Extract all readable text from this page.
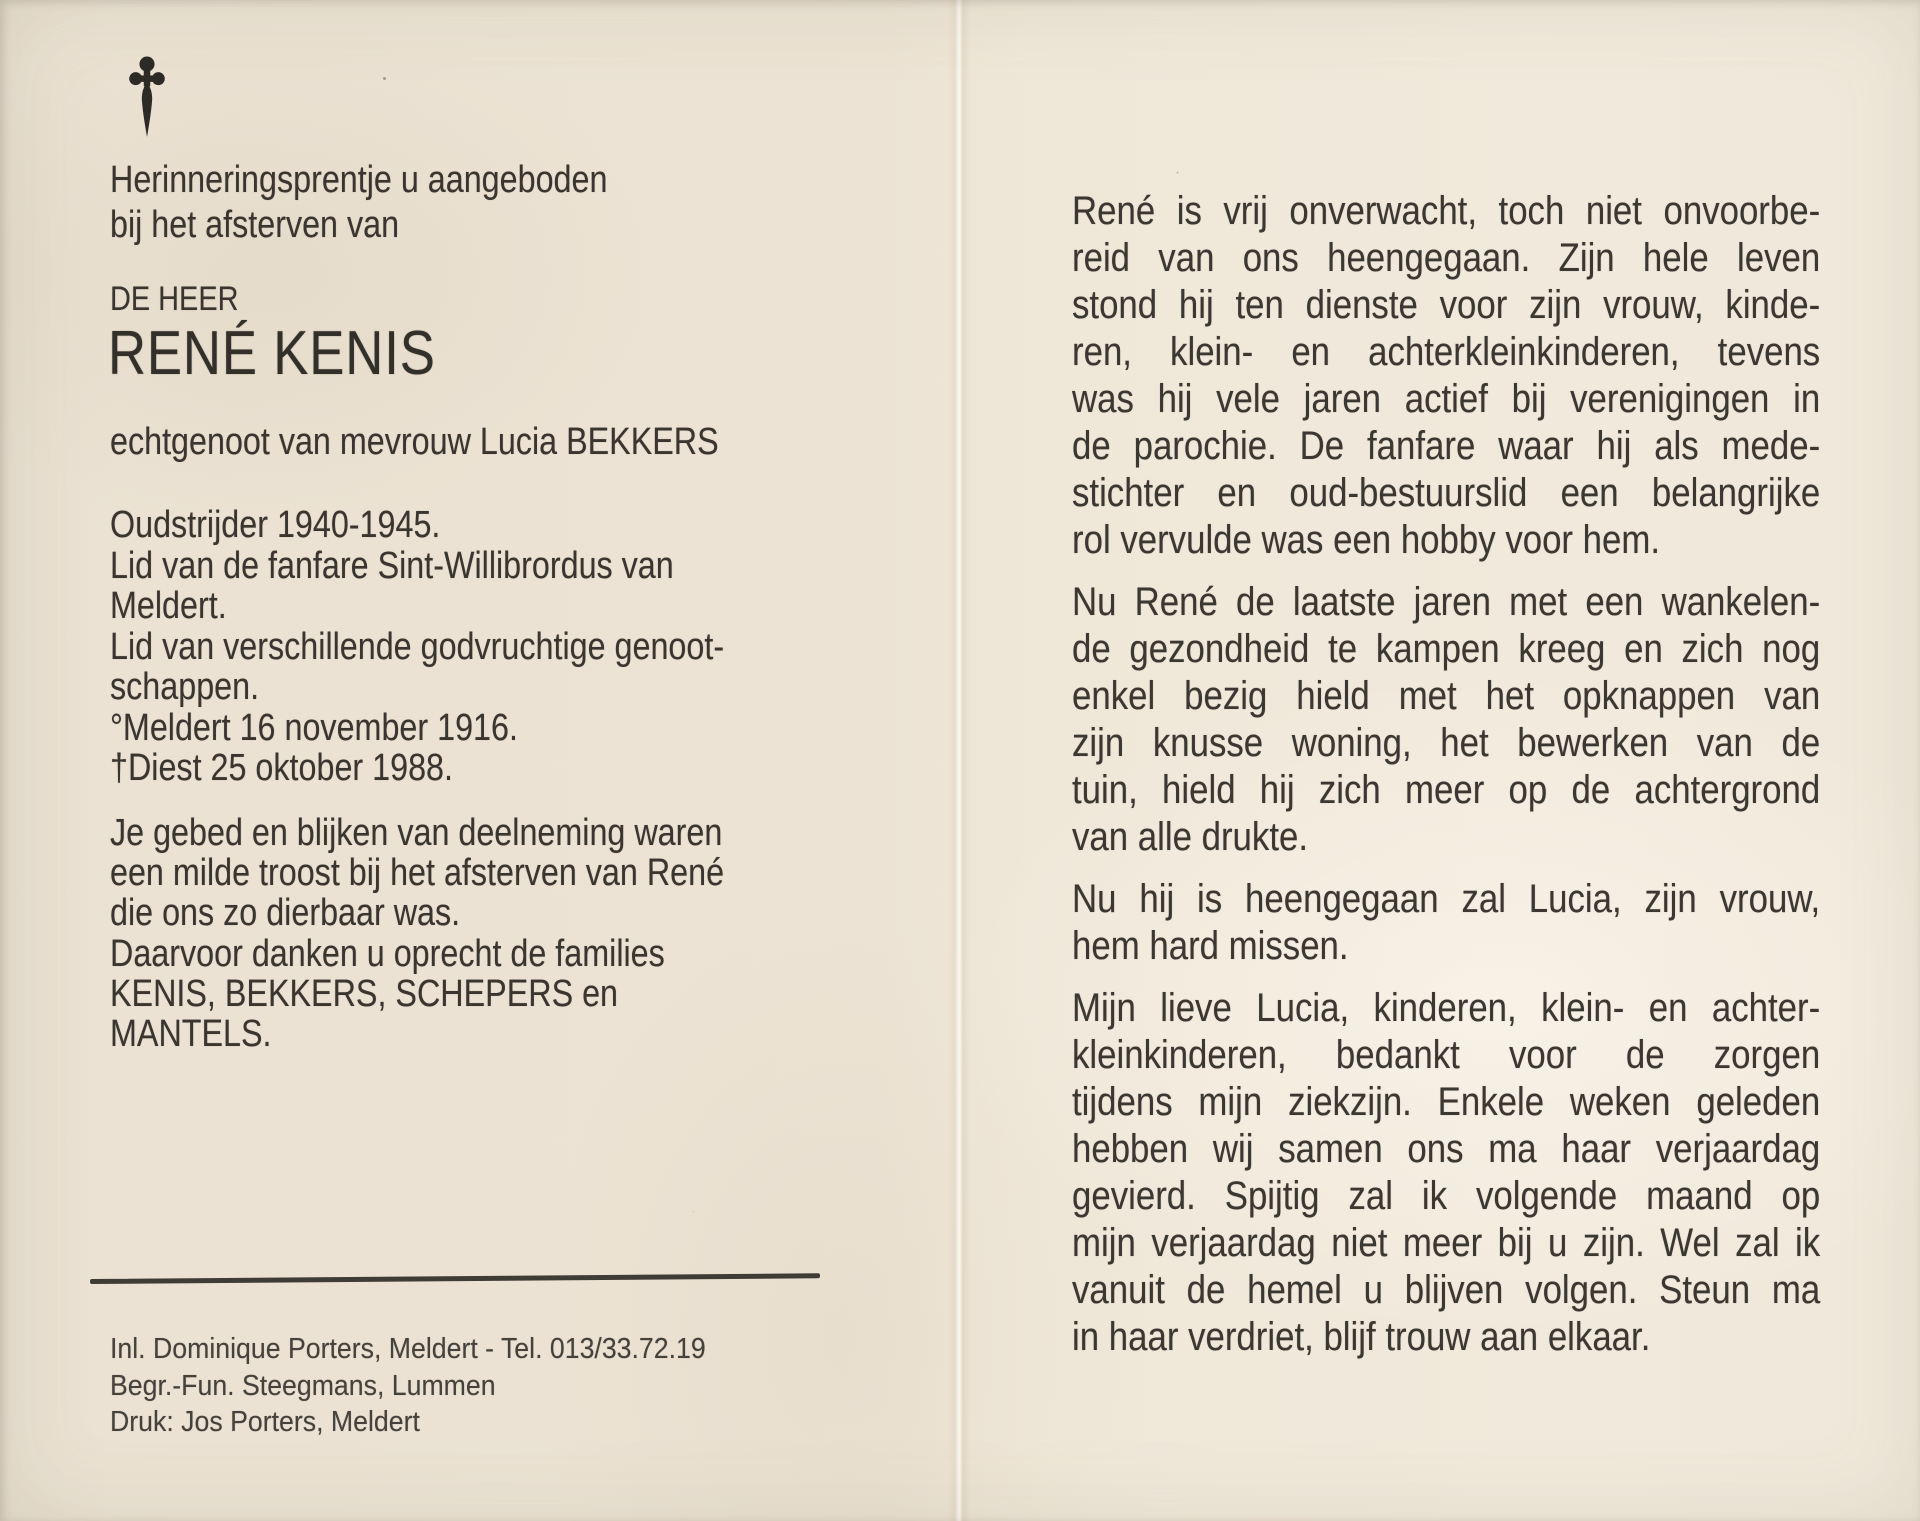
Herinneringsprentje u aangeboden
bij het afsterven van
DE HEER
RENÉ KENIS
echtgenoot van mevrouw Lucia BEKKERS
Oudstrijder 1940-1945.
Lid van de fanfare Sint-Willibrordus van
Meldert.
Lid van verschillende godvruchtige genoot-
schappen.
°Meldert 16 november 1916.
†Diest 25 oktober 1988.
Je gebed en blijken van deelneming waren
een milde troost bij het afsterven van René
die ons zo dierbaar was.
Daarvoor danken u oprecht de families
KENIS, BEKKERS, SCHEPERS en
MANTELS.
Inl. Dominique Porters, Meldert - Tel. 013/33.72.19
Begr.-Fun. Steegmans, Lummen
Druk: Jos Porters, Meldert
René is vrij onverwacht, toch niet onvoorbe-
reid van ons heengegaan. Zijn hele leven
stond hij ten dienste voor zijn vrouw, kinde-
ren, klein- en achterkleinkinderen, tevens
was hij vele jaren actief bij verenigingen in
de parochie. De fanfare waar hij als mede-
stichter en oud-bestuurslid een belangrijke
rol vervulde was een hobby voor hem.
Nu René de laatste jaren met een wankelen-
de gezondheid te kampen kreeg en zich nog
enkel bezig hield met het opknappen van
zijn knusse woning, het bewerken van de
tuin, hield hij zich meer op de achtergrond
van alle drukte.
Nu hij is heengegaan zal Lucia, zijn vrouw,
hem hard missen.
Mijn lieve Lucia, kinderen, klein- en achter-
kleinkinderen, bedankt voor de zorgen
tijdens mijn ziekzijn. Enkele weken geleden
hebben wij samen ons ma haar verjaardag
gevierd. Spijtig zal ik volgende maand op
mijn verjaardag niet meer bij u zijn. Wel zal ik
vanuit de hemel u blijven volgen. Steun ma
in haar verdriet, blijf trouw aan elkaar.
